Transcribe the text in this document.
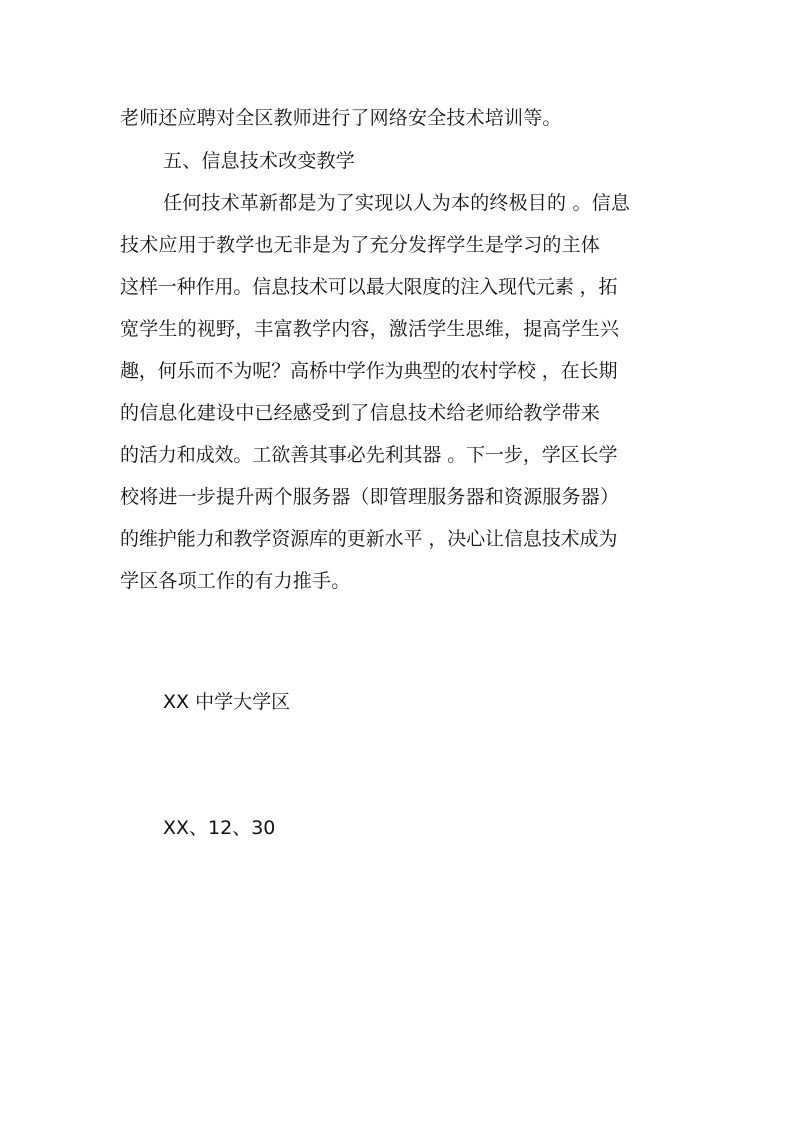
老师还应聘对全区教师进行了网络安全技术培训等。
五、信息技术改变教学
任何技术革新都是为了实现以人为本的终极目的 。信息
技术应用于教学也无非是为了充分发挥学生是学习的主体
这样一种作用。信息技术可以最大限度的注入现代元素 ，拓
宽学生的视野，丰富教学内容，激活学生思维，提高学生兴
趣，何乐而不为呢？高桥中学作为典型的农村学校 ，在长期
的信息化建设中已经感受到了信息技术给老师给教学带来
的活力和成效。工欲善其事必先利其器 。下一步，学区长学
校将进一步提升两个服务器（即管理服务器和资源服务器）
的维护能力和教学资源库的更新水平 ，决心让信息技术成为
学区各项工作的有力推手。
XX 中学大学区
XX、12、30
